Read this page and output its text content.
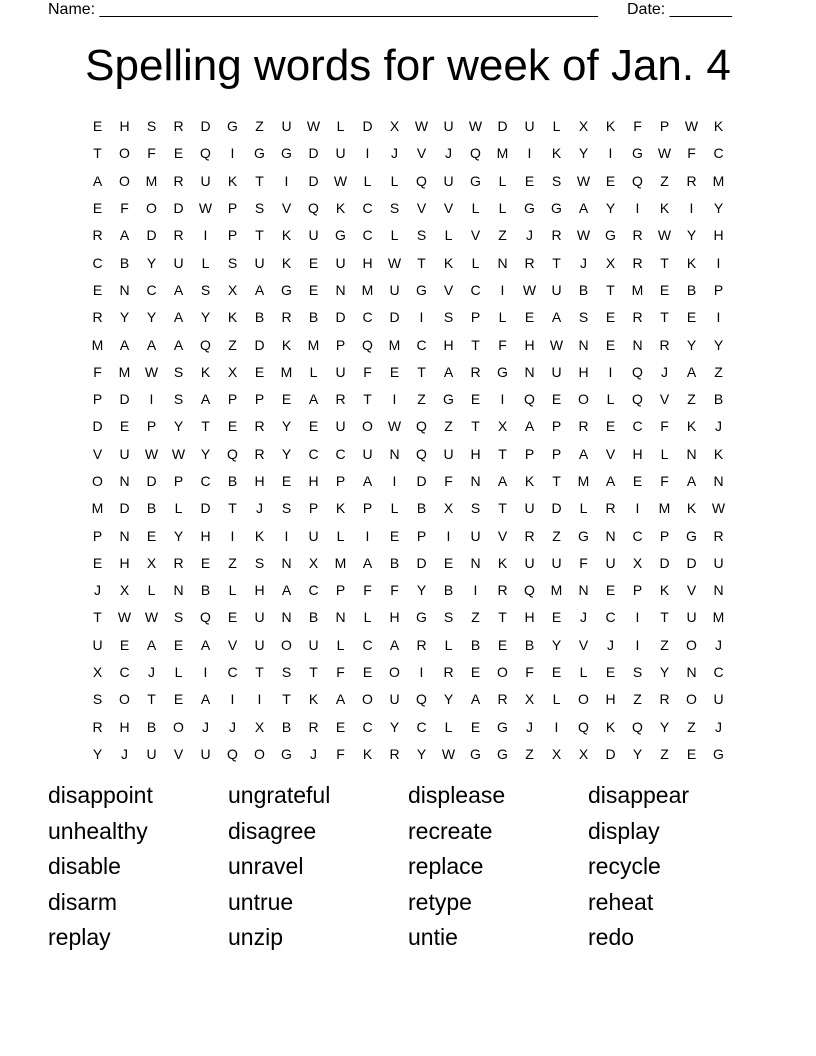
Name: ________________________________________________________ Date: _______
Spelling words for week of Jan. 4
E	H	S	R	D	G	Z	U	W	L	D	X	W	U	W	D	U	L	X	K	F	P	W	K
T	O	F	E	Q	I	G	G	D	U	I	J	V	J	Q	M	I	K	Y	I	G	W	F	C
A	O	M	R	U	K	T	I	D	W	L	L	Q	U	G	L	E	S	W	E	Q	Z	R	M
E	F	O	D	W	P	S	V	Q	K	C	S	V	V	L	L	G	G	A	Y	I	K	I	Y
R	A	D	R	I	P	T	K	U	G	C	L	S	L	V	Z	J	R	W	G	R	W	Y	H
C	B	Y	U	L	S	U	K	E	U	H	W	T	K	L	N	R	T	J	X	R	T	K	I
E	N	C	A	S	X	A	G	E	N	M	U	G	V	C	I	W	U	B	T	M	E	B	P
R	Y	Y	A	Y	K	B	R	B	D	C	D	I	S	P	L	E	A	S	E	R	T	E	I
M	A	A	A	Q	Z	D	K	M	P	Q	M	C	H	T	F	H	W	N	E	N	R	Y	Y
F	M	W	S	K	X	E	M	L	U	F	E	T	A	R	G	N	U	H	I	Q	J	A	Z
P	D	I	S	A	P	P	E	A	R	T	I	Z	G	E	I	Q	E	O	L	Q	V	Z	B
D	E	P	Y	T	E	R	Y	E	U	O	W	Q	Z	T	X	A	P	R	E	C	F	K	J
V	U	W W	Y	Q	R	Y	C	C	U	N	Q	U	H	T	P	P	A	V	H	L	N	K
O	N	D	P	C	B	H	E	H	P	A	I	D	F	N	A	K	T	M	A	E	F	A	N
M	D	B	L	D	T	J	S	P	K	P	L	B	X	S	T	U	D	L	R	I	M	K	W
P	N	E	Y	H	I	K	I	U	L	I	E	P	I	U	V	R	Z	G	N	C	P	G	R
E	H	X	R	E	Z	S	N	X	M	A	B	D	E	N	K	U	U	F	U	X	D	D	U
J	X	L	N	B	L	H	A	C	P	F	F	Y	B	I	R	Q	M	N	E	P	K	V	N
T	W W	S	Q	E	U	N	B	N	L	H	G	S	Z	T	H	E	J	C	I	T	U	M
U	E	A	E	A	V	U	O	U	L	C	A	R	L	B	E	B	Y	V	J	I	Z	O	J
X	C	J	L	I	C	T	S	T	F	E	O	I	R	E	O	F	E	L	E	S	Y	N	C
S	O	T	E	A	I	I	T	K	A	O	U	Q	Y	A	R	X	L	O	H	Z	R	O	U
R	H	B	O	J	J	X	B	R	E	C	Y	C	L	E	G	J	I	Q	K	Q	Y	Z	J
Y	J	U	V	U	Q	O	G	J	F	K	R	Y	W	G	G	Z	X	X	D	Y	Z	E	G
disappoint	ungrateful	displease	disappear
unhealthy	disagree	recreate	display
disable	unravel	replace	recycle
disarm	untrue	retype	reheat
replay	unzip	untie	redo
